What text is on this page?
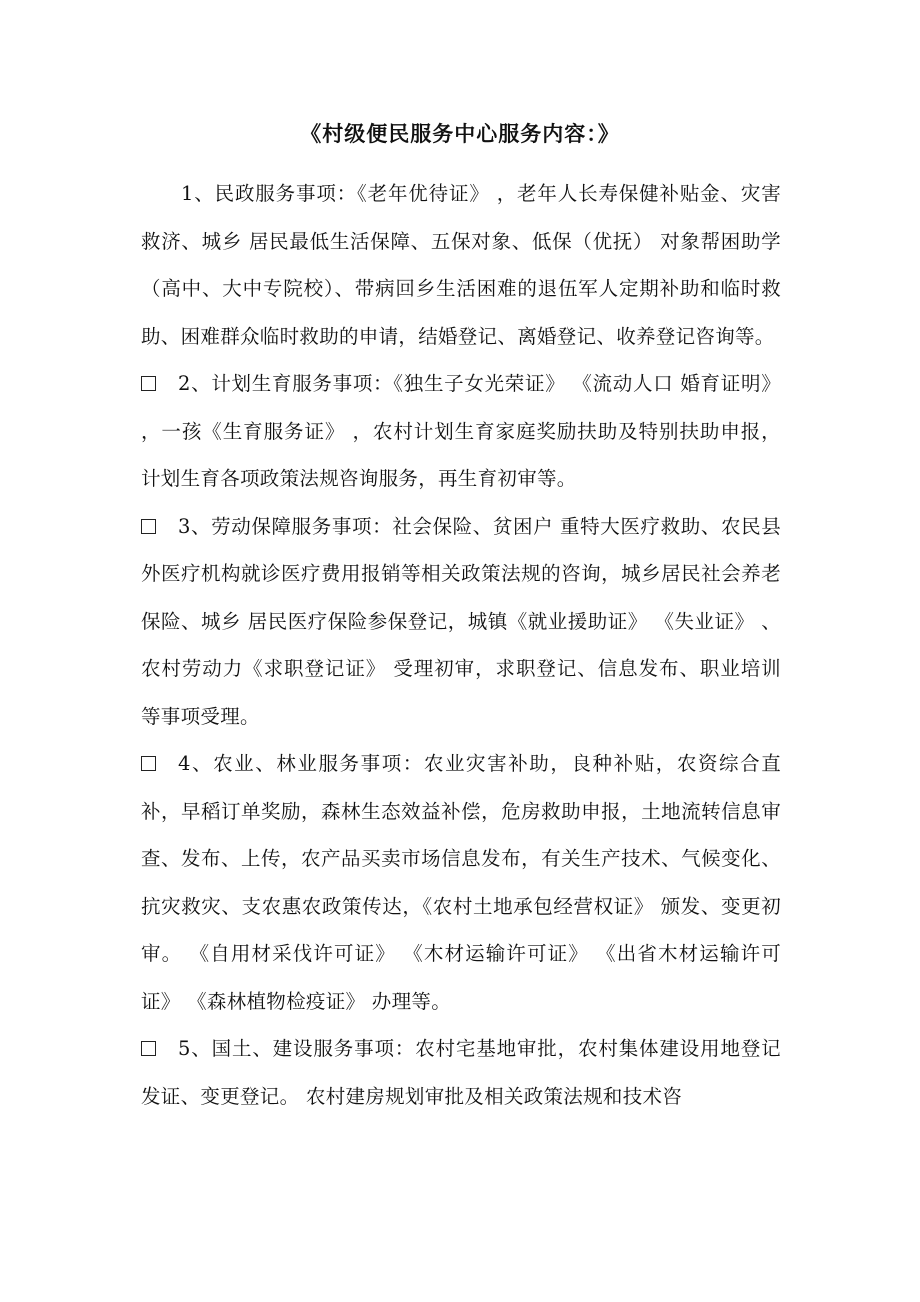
《村级便民服务中心服务内容：》

1、民政服务事项：《老年优待证》 ，老年人长寿保健补贴金、灾害救济、城乡 居民最低生活保障、五保对象、低保（优抚） 对象帮困助学（高中、大中专院校）、带病回乡生活困难的退伍军人定期补助和临时救助、困难群众临时救助的申请，结婚登记、离婚登记、收养登记咨询等。

2、计划生育服务事项：《独生子女光荣证》 《流动人口 婚育证明》 ，一孩《生育服务证》 ，农村计划生育家庭奖励扶助及特别扶助申报，计划生育各项政策法规咨询服务，再生育初审等。

3、劳动保障服务事项：社会保险、贫困户 重特大医疗救助、农民县外医疗机构就诊医疗费用报销等相关政策法规的咨询，城乡居民社会养老保险、城乡 居民医疗保险参保登记，城镇《就业援助证》 《失业证》 、农村劳动力《求职登记证》 受理初审，求职登记、信息发布、职业培训等事项受理。

4、农业、林业服务事项：农业灾害补助，良种补贴，农资综合直补，早稻订单奖励，森林生态效益补偿，危房救助申报，土地流转信息审查、发布、上传，农产品买卖市场信息发布，有关生产技术、气候变化、抗灾救灾、支农惠农政策传达，《农村土地承包经营权证》 颁发、变更初审。 《自用材采伐许可证》 《木材运输许可证》 《出省木材运输许可证》 《森林植物检疫证》 办理等。

5、国土、建设服务事项：农村宅基地审批，农村集体建设用地登记发证、变更登记。 农村建房规划审批及相关政策法规和技术咨
